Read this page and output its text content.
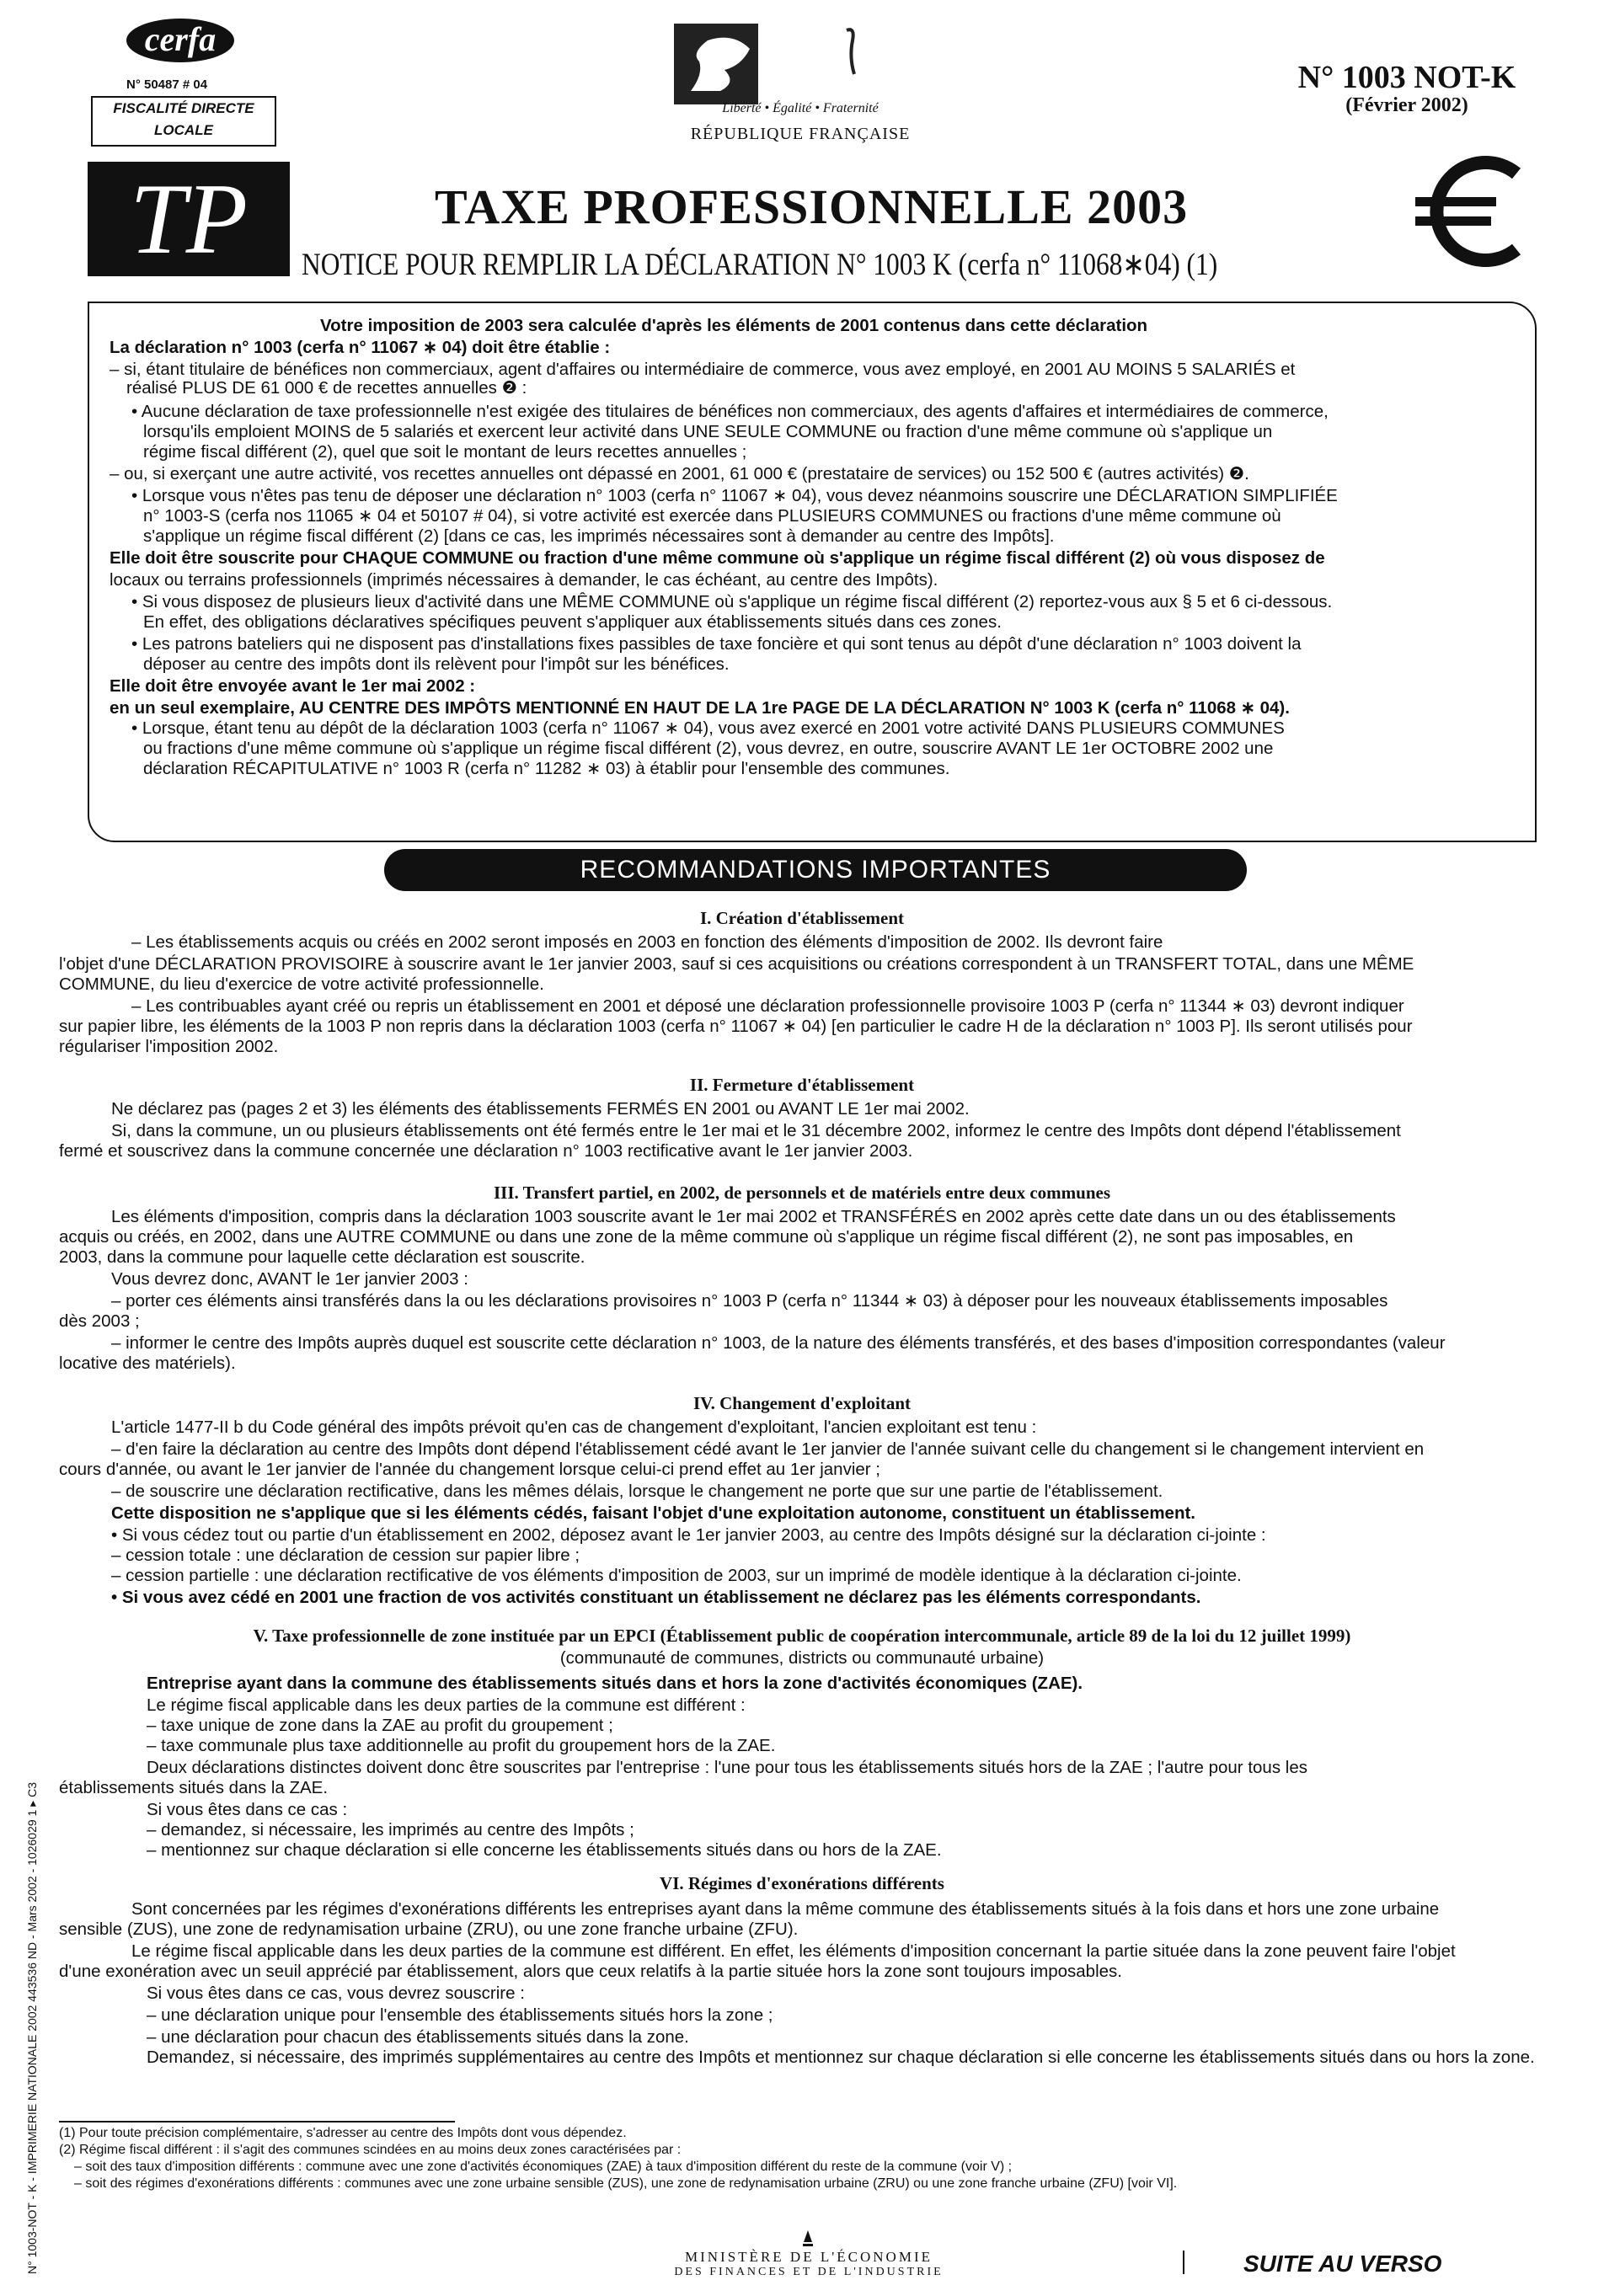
cerfa
N° 50487 # 04
FISCALITÉ DIRECTE
LOCALE
TP
Liberté • Égalité • Fraternité
RÉPUBLIQUE FRANÇAISE
N° 1003 NOT-K
(Février 2002)
TAXE PROFESSIONNELLE 2003
NOTICE POUR REMPLIR LA DÉCLARATION N° 1003 K (cerfa n° 11068∗04) (1)
Votre imposition de 2003 sera calculée d'après les éléments de 2001 contenus dans cette déclaration
La déclaration n° 1003 (cerfa n° 11067 ∗ 04) doit être établie :
– si, étant titulaire de bénéfices non commerciaux, agent d'affaires ou intermédiaire de commerce, vous avez employé, en 2001 AU MOINS 5 SALARIÉS et
réalisé PLUS DE 61 000 € de recettes annuelles ❷ :
• Aucune déclaration de taxe professionnelle n'est exigée des titulaires de bénéfices non commerciaux, des agents d'affaires et intermédiaires de commerce,
lorsqu'ils emploient MOINS de 5 salariés et exercent leur activité dans UNE SEULE COMMUNE ou fraction d'une même commune où s'applique un
régime fiscal différent (2), quel que soit le montant de leurs recettes annuelles ;
– ou, si exerçant une autre activité, vos recettes annuelles ont dépassé en 2001, 61 000 € (prestataire de services) ou 152 500 € (autres activités) ❷.
• Lorsque vous n'êtes pas tenu de déposer une déclaration n° 1003 (cerfa n° 11067 ∗ 04), vous devez néanmoins souscrire une DÉCLARATION SIMPLIFIÉE
n° 1003-S (cerfa nos 11065 ∗ 04 et 50107 # 04), si votre activité est exercée dans PLUSIEURS COMMUNES ou fractions d'une même commune où
s'applique un régime fiscal différent (2) [dans ce cas, les imprimés nécessaires sont à demander au centre des Impôts].
Elle doit être souscrite pour CHAQUE COMMUNE ou fraction d'une même commune où s'applique un régime fiscal différent (2) où vous disposez de
locaux ou terrains professionnels (imprimés nécessaires à demander, le cas échéant, au centre des Impôts).
• Si vous disposez de plusieurs lieux d'activité dans une MÊME COMMUNE où s'applique un régime fiscal différent (2) reportez-vous aux § 5 et 6 ci-dessous.
En effet, des obligations déclaratives spécifiques peuvent s'appliquer aux établissements situés dans ces zones.
• Les patrons bateliers qui ne disposent pas d'installations fixes passibles de taxe foncière et qui sont tenus au dépôt d'une déclaration n° 1003 doivent la
déposer au centre des impôts dont ils relèvent pour l'impôt sur les bénéfices.
Elle doit être envoyée avant le 1er mai 2002 :
en un seul exemplaire, AU CENTRE DES IMPÔTS MENTIONNÉ EN HAUT DE LA 1re PAGE DE LA DÉCLARATION N° 1003 K (cerfa n° 11068 ∗ 04).
• Lorsque, étant tenu au dépôt de la déclaration 1003 (cerfa n° 11067 ∗ 04), vous avez exercé en 2001 votre activité DANS PLUSIEURS COMMUNES
ou fractions d'une même commune où s'applique un régime fiscal différent (2), vous devrez, en outre, souscrire AVANT LE 1er OCTOBRE 2002 une
déclaration RÉCAPITULATIVE n° 1003 R (cerfa n° 11282 ∗ 03) à établir pour l'ensemble des communes.
RECOMMANDATIONS IMPORTANTES
I. Création d'établissement
– Les établissements acquis ou créés en 2002 seront imposés en 2003 en fonction des éléments d'imposition de 2002. Ils devront faire
l'objet d'une DÉCLARATION PROVISOIRE à souscrire avant le 1er janvier 2003, sauf si ces acquisitions ou créations correspondent à un TRANSFERT TOTAL, dans une MÊME
COMMUNE, du lieu d'exercice de votre activité professionnelle.
– Les contribuables ayant créé ou repris un établissement en 2001 et déposé une déclaration professionnelle provisoire 1003 P (cerfa n° 11344 ∗ 03) devront indiquer
sur papier libre, les éléments de la 1003 P non repris dans la déclaration 1003 (cerfa n° 11067 ∗ 04) [en particulier le cadre H de la déclaration n° 1003 P]. Ils seront utilisés pour
régulariser l'imposition 2002.
II. Fermeture d'établissement
Ne déclarez pas (pages 2 et 3) les éléments des établissements FERMÉS EN 2001 ou AVANT LE 1er mai 2002.
Si, dans la commune, un ou plusieurs établissements ont été fermés entre le 1er mai et le 31 décembre 2002, informez le centre des Impôts dont dépend l'établissement
fermé et souscrivez dans la commune concernée une déclaration n° 1003 rectificative avant le 1er janvier 2003.
III. Transfert partiel, en 2002, de personnels et de matériels entre deux communes
Les éléments d'imposition, compris dans la déclaration 1003 souscrite avant le 1er mai 2002 et TRANSFÉRÉS en 2002 après cette date dans un ou des établissements
acquis ou créés, en 2002, dans une AUTRE COMMUNE ou dans une zone de la même commune où s'applique un régime fiscal différent (2), ne sont pas imposables, en
2003, dans la commune pour laquelle cette déclaration est souscrite.
Vous devrez donc, AVANT le 1er janvier 2003 :
– porter ces éléments ainsi transférés dans la ou les déclarations provisoires n° 1003 P (cerfa n° 11344 ∗ 03) à déposer pour les nouveaux établissements imposables
dès 2003 ;
– informer le centre des Impôts auprès duquel est souscrite cette déclaration n° 1003, de la nature des éléments transférés, et des bases d'imposition correspondantes (valeur
locative des matériels).
IV. Changement d'exploitant
L'article 1477-II b du Code général des impôts prévoit qu'en cas de changement d'exploitant, l'ancien exploitant est tenu :
– d'en faire la déclaration au centre des Impôts dont dépend l'établissement cédé avant le 1er janvier de l'année suivant celle du changement si le changement intervient en
cours d'année, ou avant le 1er janvier de l'année du changement lorsque celui-ci prend effet au 1er janvier ;
– de souscrire une déclaration rectificative, dans les mêmes délais, lorsque le changement ne porte que sur une partie de l'établissement.
Cette disposition ne s'applique que si les éléments cédés, faisant l'objet d'une exploitation autonome, constituent un établissement.
• Si vous cédez tout ou partie d'un établissement en 2002, déposez avant le 1er janvier 2003, au centre des Impôts désigné sur la déclaration ci-jointe :
– cession totale : une déclaration de cession sur papier libre ;
– cession partielle : une déclaration rectificative de vos éléments d'imposition de 2003, sur un imprimé de modèle identique à la déclaration ci-jointe.
• Si vous avez cédé en 2001 une fraction de vos activités constituant un établissement ne déclarez pas les éléments correspondants.
V. Taxe professionnelle de zone instituée par un EPCI (Établissement public de coopération intercommunale, article 89 de la loi du 12 juillet 1999)
(communauté de communes, districts ou communauté urbaine)
Entreprise ayant dans la commune des établissements situés dans et hors la zone d'activités économiques (ZAE).
Le régime fiscal applicable dans les deux parties de la commune est différent :
– taxe unique de zone dans la ZAE au profit du groupement ;
– taxe communale plus taxe additionnelle au profit du groupement hors de la ZAE.
Deux déclarations distinctes doivent donc être souscrites par l'entreprise : l'une pour tous les établissements situés hors de la ZAE ; l'autre pour tous les
établissements situés dans la ZAE.
Si vous êtes dans ce cas :
– demandez, si nécessaire, les imprimés au centre des Impôts ;
– mentionnez sur chaque déclaration si elle concerne les établissements situés dans ou hors de la ZAE.
VI. Régimes d'exonérations différents
Sont concernées par les régimes d'exonérations différents les entreprises ayant dans la même commune des établissements situés à la fois dans et hors une zone urbaine
sensible (ZUS), une zone de redynamisation urbaine (ZRU), ou une zone franche urbaine (ZFU).
Le régime fiscal applicable dans les deux parties de la commune est différent. En effet, les éléments d'imposition concernant la partie située dans la zone peuvent faire l'objet
d'une exonération avec un seuil apprécié par établissement, alors que ceux relatifs à la partie située hors la zone sont toujours imposables.
Si vous êtes dans ce cas, vous devrez souscrire :
– une déclaration unique pour l'ensemble des établissements situés hors la zone ;
– une déclaration pour chacun des établissements situés dans la zone.
Demandez, si nécessaire, des imprimés supplémentaires au centre des Impôts et mentionnez sur chaque déclaration si elle concerne les établissements situés dans ou hors la zone.
(1) Pour toute précision complémentaire, s'adresser au centre des Impôts dont vous dépendez.
(2) Régime fiscal différent : il s'agit des communes scindées en au moins deux zones caractérisées par :
– soit des taux d'imposition différents : commune avec une zone d'activités économiques (ZAE) à taux d'imposition différent du reste de la commune (voir V) ;
– soit des régimes d'exonérations différents : communes avec une zone urbaine sensible (ZUS), une zone de redynamisation urbaine (ZRU) ou une zone franche urbaine (ZFU) [voir VI].
N° 1003-NOT - K - IMPRIMERIE NATIONALE 2002 443536 ND - Mars 2002 - 1026029 1 ▸ C3	MINISTÈRE DE L'ÉCONOMIE
DES FINANCES ET DE L'INDUSTRIE	SUITE AU VERSO
